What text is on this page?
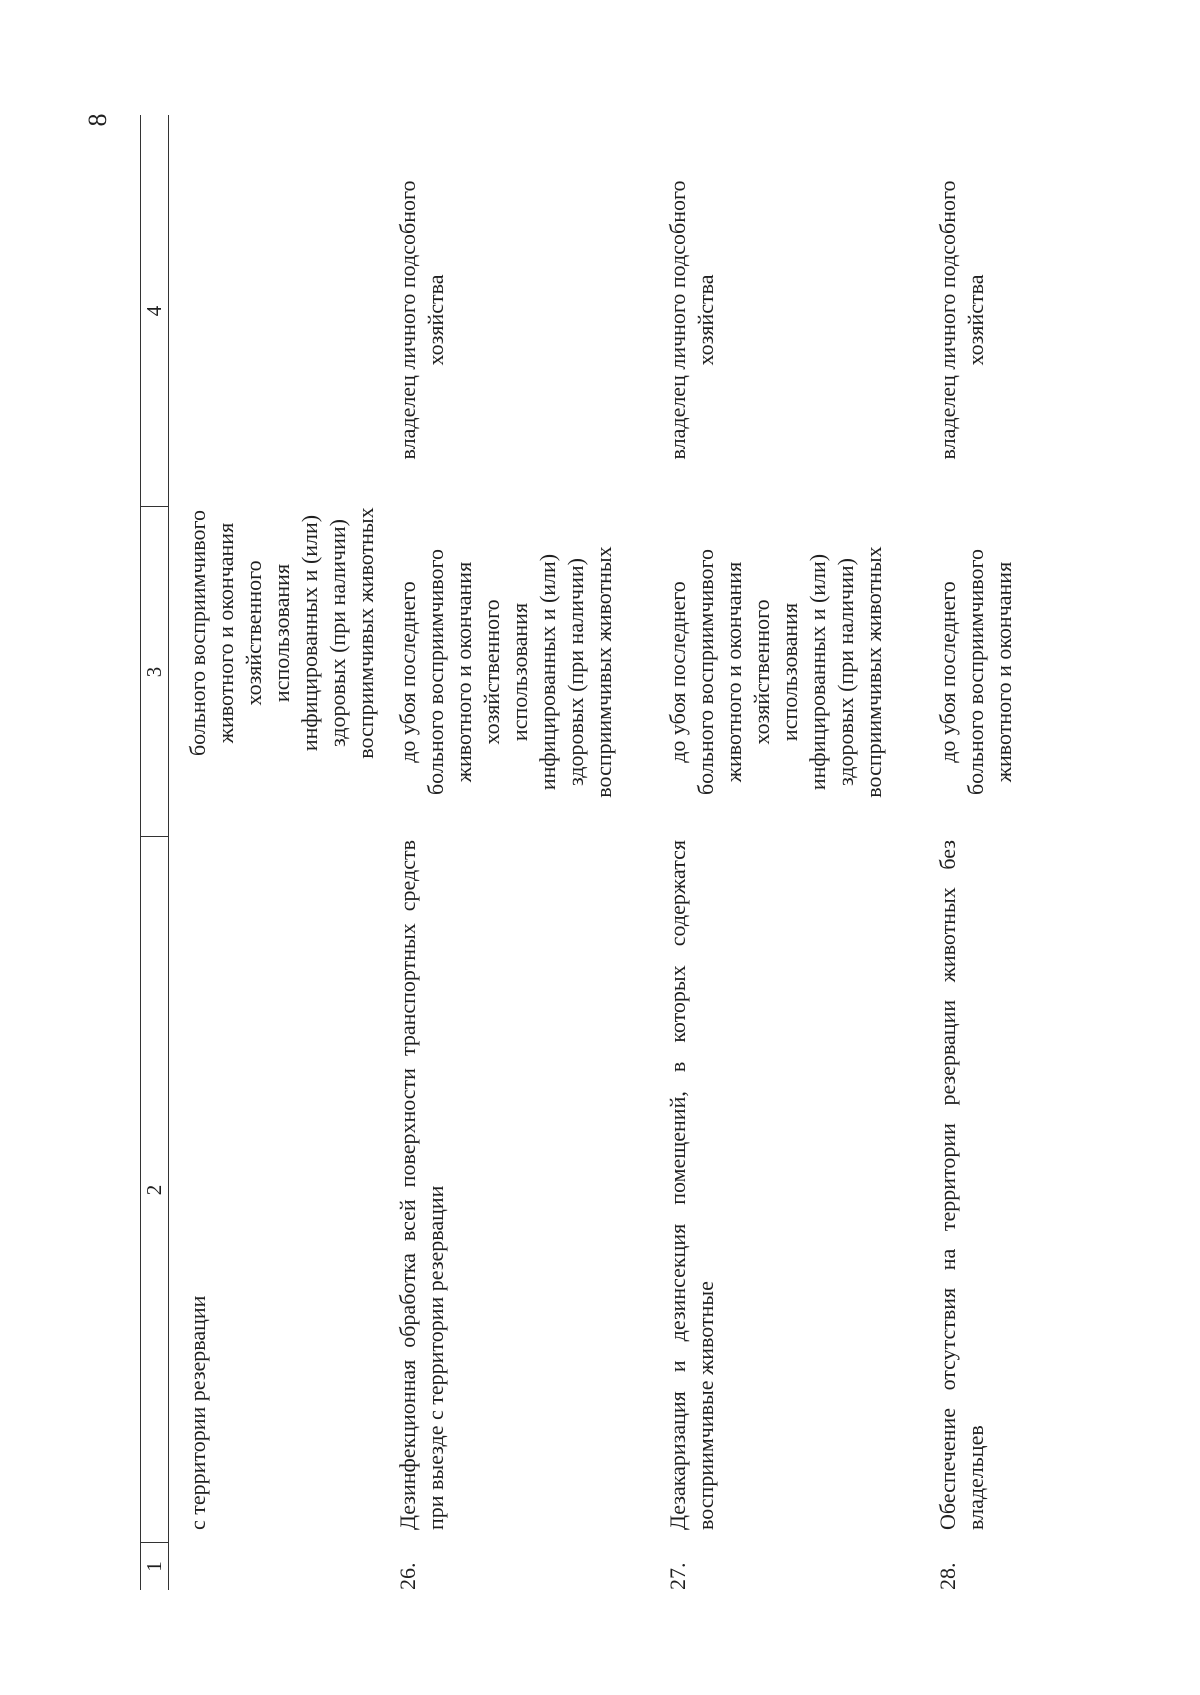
8
1
2
3
4
с территории резервации
больного восприимчивого животного и окончания хозяйственного использования инфицированных и (или) здоровых (при наличии) восприимчивых животных
26.
Дезинфекционная обработка всей поверхности транспортных средств при выезде с территории резервации
до убоя последнего больного восприимчивого животного и окончания хозяйственного использования инфицированных и (или) здоровых (при наличии) восприимчивых животных
владелец личного подсобного хозяйства
27.
Дезакаризация и дезинсекция помещений, в которых содержатся восприимчивые животные
до убоя последнего больного восприимчивого животного и окончания хозяйственного использования инфицированных и (или) здоровых (при наличии) восприимчивых животных
владелец личного подсобного хозяйства
28.
Обеспечение отсутствия на территории резервации животных без владельцев
до убоя последнего больного восприимчивого животного и окончания
владелец личного подсобного хозяйства
